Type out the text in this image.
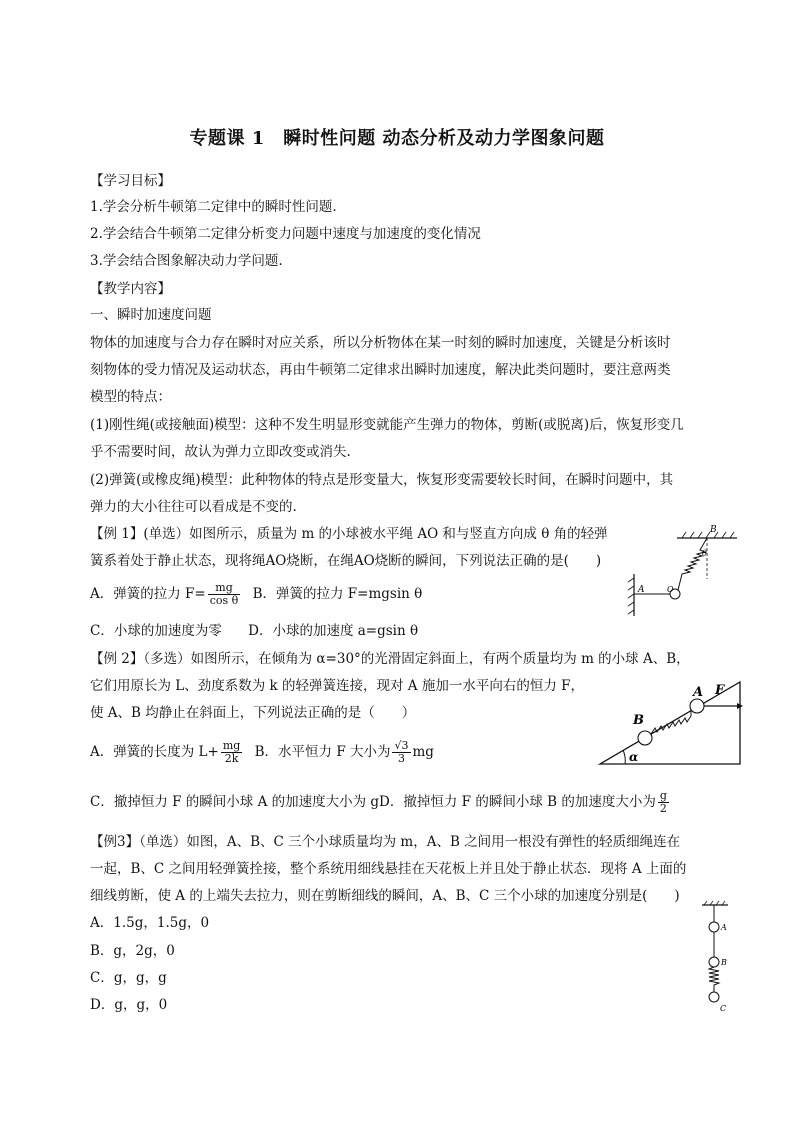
专题课 1　瞬时性问题 动态分析及动力学图象问题
【学习目标】
1.学会分析牛顿第二定律中的瞬时性问题.
2.学会结合牛顿第二定律分析变力问题中速度与加速度的变化情况
3.学会结合图象解决动力学问题.
【教学内容】
一、瞬时加速度问题
物体的加速度与合力存在瞬时对应关系，所以分析物体在某一时刻的瞬时加速度，关键是分析该时
刻物体的受力情况及运动状态，再由牛顿第二定律求出瞬时加速度，解决此类问题时，要注意两类
模型的特点：
(1)刚性绳(或接触面)模型：这种不发生明显形变就能产生弹力的物体，剪断(或脱离)后，恢复形变几
乎不需要时间，故认为弹力立即改变或消失.
(2)弹簧(或橡皮绳)模型：此种物体的特点是形变量大，恢复形变需要较长时间，在瞬时问题中，其
弹力的大小往往可以看成是不变的.
【例 1】(单选）如图所示，质量为 m 的小球被水平绳 AO 和与竖直方向成 θ 角的轻弹
簧系着处于静止状态，现将绳AO烧断，在绳AO烧断的瞬间，下列说法正确的是(　　)
A．弹簧的拉力 $F= \frac{mg}{\text{cos θ}}$ B．弹簧的拉力 F=mgsin θ
C．小球的加速度为零 D．小球的加速度 a=gsin θ
B
θ
A	O
【例 2】（多选）如图所示，在倾角为 α=30°的光滑固定斜面上，有两个质量均为 m 的小球 A、B，
它们用原长为 L、劲度系数为 k 的轻弹簧连接，现对 A 施加一水平向右的恒力 F，
使 A、B 均静止在斜面上，下列说法正确的是（　　）
A．弹簧的长度为 $L+ \frac{mg}{2k}$ B．水平恒力 F 大小为 $\frac{√3}{3}$ mg
C．撤掉恒力 F 的瞬间小球 A 的加速度大小为 gD．撤掉恒力 F 的瞬间小球 B 的加速度大小为 $\frac{g}{2}$
A
B
F
α
【例3】（单选）如图，A、B、C 三个小球质量均为 m，A、B 之间用一根没有弹性的轻质细绳连在
一起，B、C 之间用轻弹簧拴接，整个系统用细线悬挂在天花板上并且处于静止状态．现将 A 上面的
细线剪断，使 A 的上端失去拉力，则在剪断细线的瞬间，A、B、C 三个小球的加速度分别是(　　)
A．1.5g，1.5g，0
B．g，2g，0
C．g，g，g
D．g，g，0
A
B
C
